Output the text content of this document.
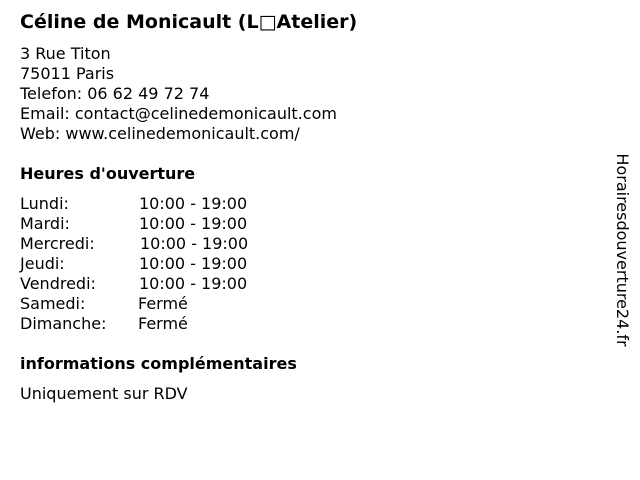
Céline de Monicault (L□Atelier)
3 Rue Titon
75011 Paris
Telefon: 06 62 49 72 74
Email: contact@celinedemonicault.com
Web: www.celinedemonicault.com/
Heures d'ouverture
Lundi:	10:00 - 19:00
Mardi:	10:00 - 19:00
Mercredi:	10:00 - 19:00
Jeudi:	10:00 - 19:00
Vendredi:	10:00 - 19:00
Samedi:	Fermé
Dimanche: Fermé
informations complémentaires
Uniquement sur RDV
Horairesdouverture24.fr
